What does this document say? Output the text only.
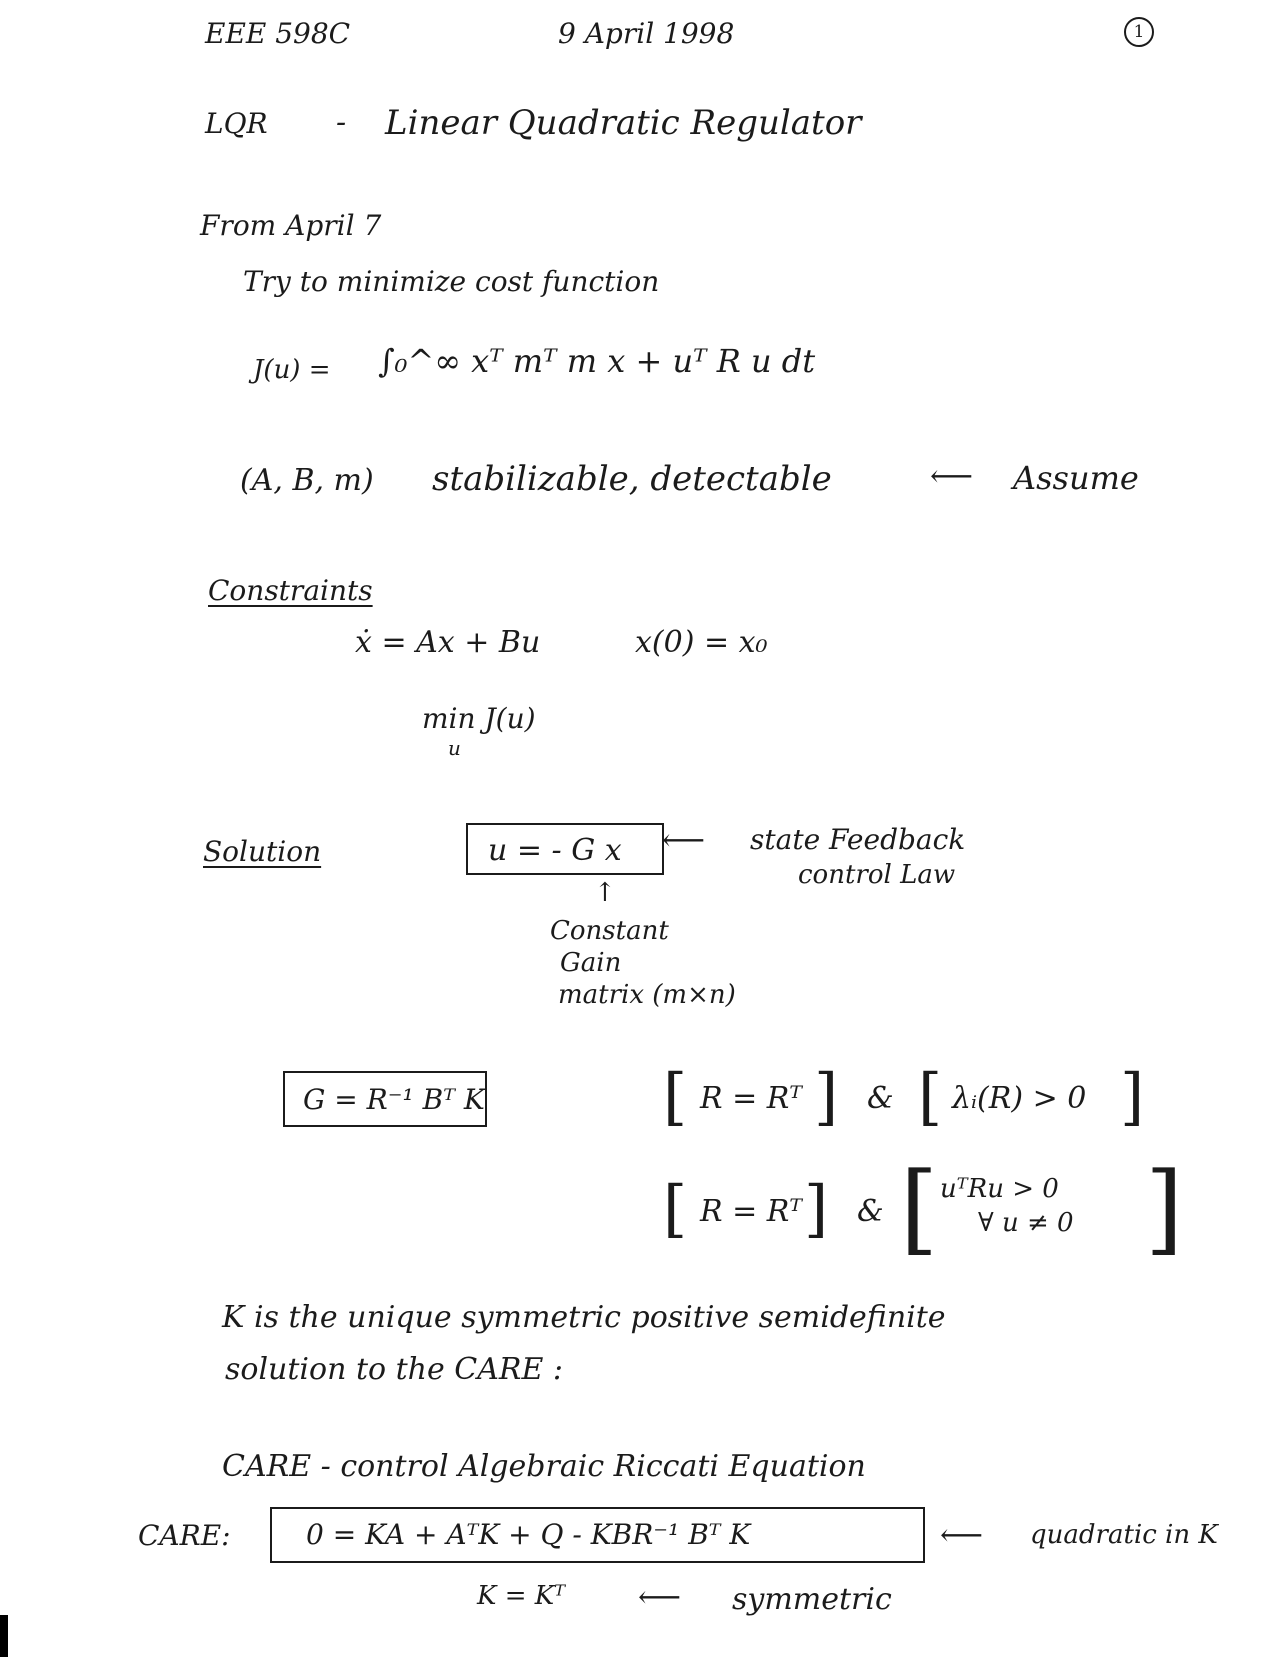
EEE 598C	9 April 1998	1
LQR - Linear Quadratic Regulator
From April 7
Try to minimize cost function
J(u) = ∫₀^∞ xᵀ mᵀ m x + uᵀ R u dt
(A, B, m) stabilizable, detectable	⟵ Assume
Constraints
ẋ = Ax + Bu	x(0) = x₀
min J(u)
u
Solution	u = - G x ⟵ state Feedback
control Law
↑
Constant
Gain
matrix (m×n)
G = R⁻¹ Bᵀ K	[ R = Rᵀ ] & [ λᵢ(R) > 0 ]
[ R = Rᵀ ] & [ uᵀRu > 0
∀ u ≠ 0 ]
K is the unique symmetric positive semidefinite
solution to the CARE :
CARE - control Algebraic Riccati Equation
CARE:	0 = KA + AᵀK + Q - KBR⁻¹ Bᵀ K	⟵ quadratic in K
K = Kᵀ ⟵ symmetric
